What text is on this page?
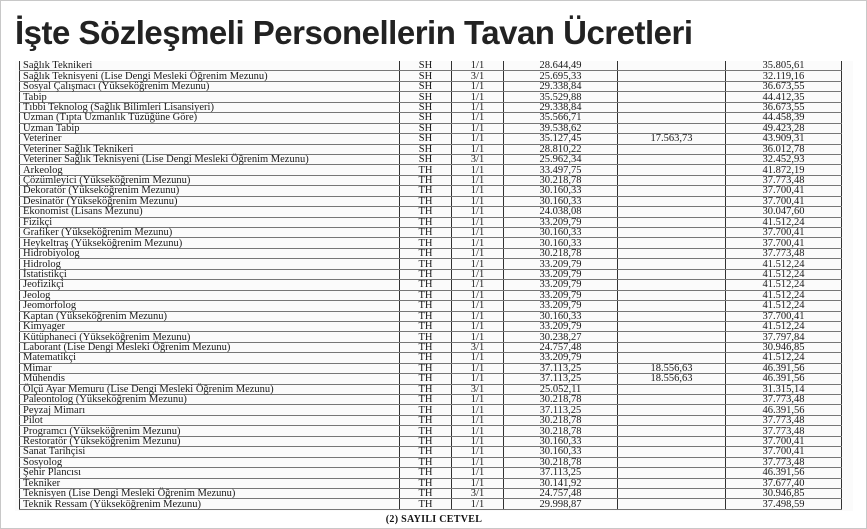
İşte Sözleşmeli Personellerin Tavan Ücretleri
Sağlık Teknikeri	SH	1/1	28.644,49		35.805,61
Sağlık Teknisyeni (Lise Dengi Mesleki Öğrenim Mezunu)	SH	3/1	25.695,33		32.119,16
Sosyal Çalışmacı (Yükseköğrenim Mezunu)	SH	1/1	29.338,84		36.673,55
Tabip	SH	1/1	35.529,88		44.412,35
Tıbbi Teknolog (Sağlık Bilimleri Lisansiyeri)	SH	1/1	29.338,84		36.673,55
Uzman (Tıpta Uzmanlık Tüzüğüne Göre)	SH	1/1	35.566,71		44.458,39
Uzman Tabip	SH	1/1	39.538,62		49.423,28
Veteriner	SH	1/1	35.127,45	17.563,73	43.909,31
Veteriner Sağlık Teknikeri	SH	1/1	28.810,22		36.012,78
Veteriner Sağlık Teknisyeni (Lise Dengi Mesleki Öğrenim Mezunu)	SH	3/1	25.962,34		32.452,93
Arkeolog	TH	1/1	33.497,75		41.872,19
Çözümleyici (Yükseköğrenim Mezunu)	TH	1/1	30.218,78		37.773,48
Dekoratör (Yükseköğrenim Mezunu)	TH	1/1	30.160,33		37.700,41
Desinatör (Yükseköğrenim Mezunu)	TH	1/1	30.160,33		37.700,41
Ekonomist (Lisans Mezunu)	TH	1/1	24.038,08		30.047,60
Fizikçi	TH	1/1	33.209,79		41.512,24
Grafiker (Yükseköğrenim Mezunu)	TH	1/1	30.160,33		37.700,41
Heykeltraş (Yükseköğrenim Mezunu)	TH	1/1	30.160,33		37.700,41
Hidrobiyolog	TH	1/1	30.218,78		37.773,48
Hidrolog	TH	1/1	33.209,79		41.512,24
İstatistikçi	TH	1/1	33.209,79		41.512,24
Jeofizikçi	TH	1/1	33.209,79		41.512,24
Jeolog	TH	1/1	33.209,79		41.512,24
Jeomorfolog	TH	1/1	33.209,79		41.512,24
Kaptan (Yükseköğrenim Mezunu)	TH	1/1	30.160,33		37.700,41
Kimyager	TH	1/1	33.209,79		41.512,24
Kütüphaneci (Yükseköğrenim Mezunu)	TH	1/1	30.238,27		37.797,84
Laborant (Lise Dengi Mesleki Öğrenim Mezunu)	TH	3/1	24.757,48		30.946,85
Matematikçi	TH	1/1	33.209,79		41.512,24
Mimar	TH	1/1	37.113,25	18.556,63	46.391,56
Mühendis	TH	1/1	37.113,25	18.556,63	46.391,56
Ölçü Ayar Memuru (Lise Dengi Mesleki Öğrenim Mezunu)	TH	3/1	25.052,11		31.315,14
Paleontolog (Yükseköğrenim Mezunu)	TH	1/1	30.218,78		37.773,48
Peyzaj Mimarı	TH	1/1	37.113,25		46.391,56
Pilot	TH	1/1	30.218,78		37.773,48
Programcı (Yükseköğrenim Mezunu)	TH	1/1	30.218,78		37.773,48
Restoratör (Yükseköğrenim Mezunu)	TH	1/1	30.160,33		37.700,41
Sanat Tarihçisi	TH	1/1	30.160,33		37.700,41
Sosyolog	TH	1/1	30.218,78		37.773,48
Şehir Plancısı	TH	1/1	37.113,25		46.391,56
Tekniker	TH	1/1	30.141,92		37.677,40
Teknisyen (Lise Dengi Mesleki Öğrenim Mezunu)	TH	3/1	24.757,48		30.946,85
Teknik Ressam (Yükseköğrenim Mezunu)	TH	1/1	29.998,87		37.498,59
(2) SAYILI CETVEL
